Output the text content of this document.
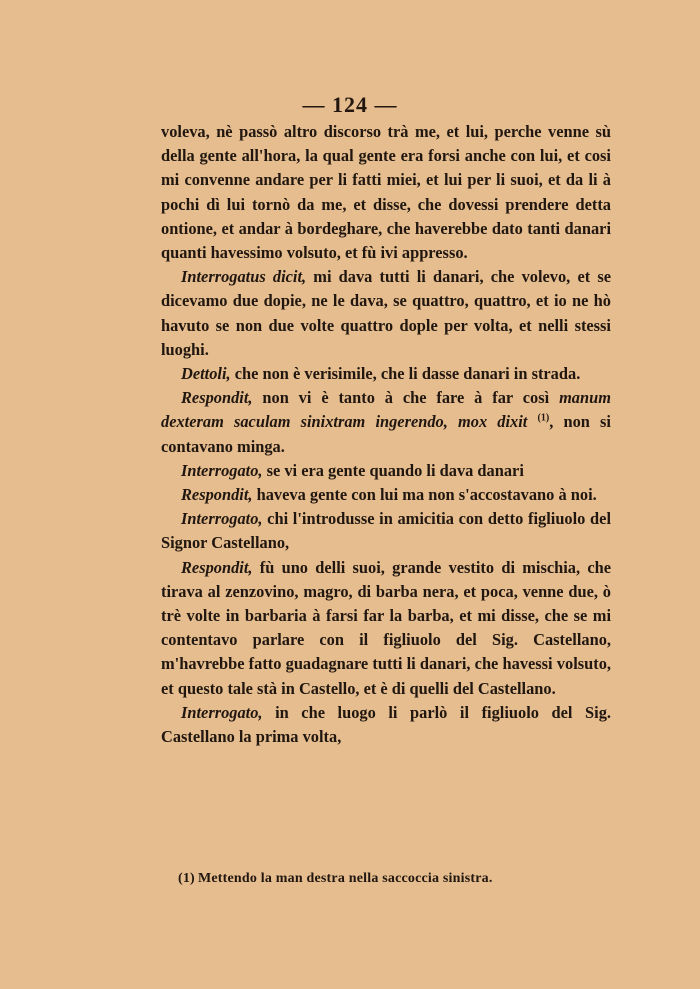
— 124 —

voleva, nè passò altro discorso trà me, et lui, perche venne sù della gente all'hora, la qual gente era forsi anche con lui, et cosi mi convenne andare per li fatti miei, et lui per li suoi, et da li à pochi dì lui tornò da me, et disse, che dovessi prendere detta ontione, et andar à bordeghare, che haverebbe dato tanti danari quanti havessimo volsuto, et fù ivi appresso.

Interrogatus dicit, mi dava tutti li danari, che volevo, et se dicevamo due dopie, ne le dava, se quattro, quattro, et io ne hò havuto se non due volte quattro dople per volta, et nelli stessi luoghi.

Dettoli, che non è verisimile, che li dasse danari in strada.

Respondit, non vi è tanto à che fare à far così manum dexteram saculam sinixtram ingerendo, mox dixit $^{(1)}$, non si contavano minga.

Interrogato, se vi era gente quando li dava danari

Respondit, haveva gente con lui ma non s'accostavano à noi.

Interrogato, chi l'introdusse in amicitia con detto figliuolo del Signor Castellano,

Respondit, fù uno delli suoi, grande vestito di mischia, che tirava al zenzovino, magro, di barba nera, et poca, venne due, ò trè volte in barbaria à farsi far la barba, et mi disse, che se mi contentavo parlare con il figliuolo del Sig. Castellano, m'havrebbe fatto guadagnare tutti li danari, che havessi volsuto, et questo tale stà in Castello, et è di quelli del Castellano.

Interrogato, in che luogo li parlò il figliuolo del Sig. Castellano la prima volta,

(1) Mettendo la man destra nella saccoccia sinistra.
